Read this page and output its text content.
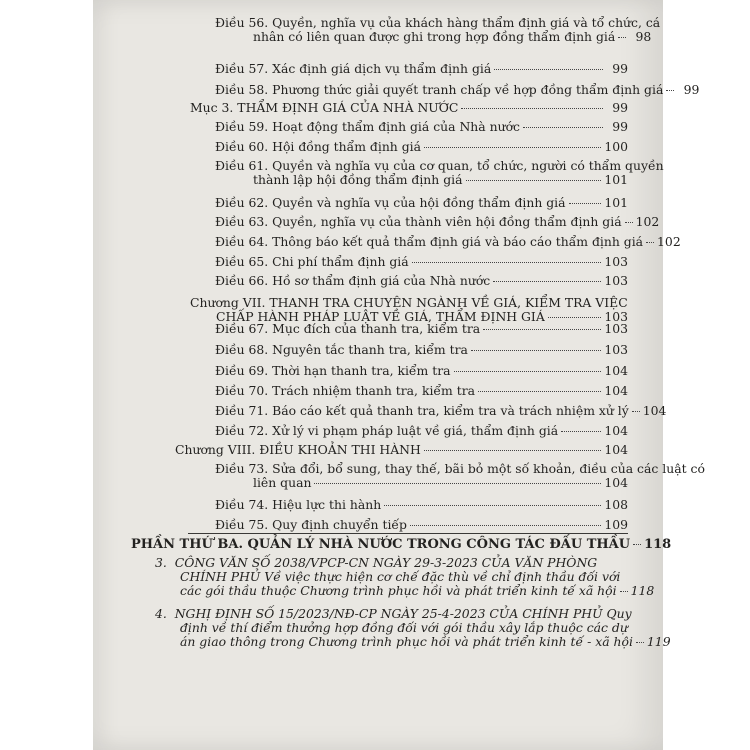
Điều 56. Quyền, nghĩa vụ của khách hàng thẩm định giá và tổ chức, cá
nhân có liên quan được ghi trong hợp đồng thẩm định giá	98
Điều 57. Xác định giá dịch vụ thẩm định giá	99
Điều 58. Phương thức giải quyết tranh chấp về hợp đồng thẩm định giá	99
Mục 3. THẨM ĐỊNH GIÁ CỦA NHÀ NƯỚC	99
Điều 59. Hoạt động thẩm định giá của Nhà nước	99
Điều 60. Hội đồng thẩm định giá	100
Điều 61. Quyền và nghĩa vụ của cơ quan, tổ chức, người có thẩm quyền
thành lập hội đồng thẩm định giá	101
Điều 62. Quyền và nghĩa vụ của hội đồng thẩm định giá	101
Điều 63. Quyền, nghĩa vụ của thành viên hội đồng thẩm định giá 102
Điều 64. Thông báo kết quả thẩm định giá và báo cáo thẩm định giá 102
Điều 65. Chi phí thẩm định giá	103
Điều 66. Hồ sơ thẩm định giá của Nhà nước	103
Chương VII. THANH TRA CHUYÊN NGÀNH VỀ GIÁ, KIỂM TRA VIỆC
CHẤP HÀNH PHÁP LUẬT VỀ GIÁ, THẨM ĐỊNH GIÁ	103
Điều 67. Mục đích của thanh tra, kiểm tra	103
Điều 68. Nguyên tắc thanh tra, kiểm tra	103
Điều 69. Thời hạn thanh tra, kiểm tra	104
Điều 70. Trách nhiệm thanh tra, kiểm tra	104
Điều 71. Báo cáo kết quả thanh tra, kiểm tra và trách nhiệm xử lý 104
Điều 72. Xử lý vi phạm pháp luật về giá, thẩm định giá	104
Chương VIII. ĐIỀU KHOẢN THI HÀNH	104
Điều 73. Sửa đổi, bổ sung, thay thế, bãi bỏ một số khoản, điều của các luật có
liên quan	104
Điều 74. Hiệu lực thi hành	108
Điều 75. Quy định chuyển tiếp	109
PHẦN THỨ BA. QUẢN LÝ NHÀ NƯỚC TRONG CÔNG TÁC ĐẤU THẦU 118
3. CÔNG VĂN SỐ 2038/VPCP-CN NGÀY 29-3-2023 CỦA VĂN PHÒNG
CHÍNH PHỦ Về việc thực hiện cơ chế đặc thù về chỉ định thầu đối với
các gói thầu thuộc Chương trình phục hồi và phát triển kinh tế xã hội 118
4. NGHỊ ĐỊNH SỐ 15/2023/NĐ-CP NGÀY 25-4-2023 CỦA CHÍNH PHỦ Quy
định về thí điểm thưởng hợp đồng đối với gói thầu xây lắp thuộc các dự
án giao thông trong Chương trình phục hồi và phát triển kinh tế - xã hội 119
